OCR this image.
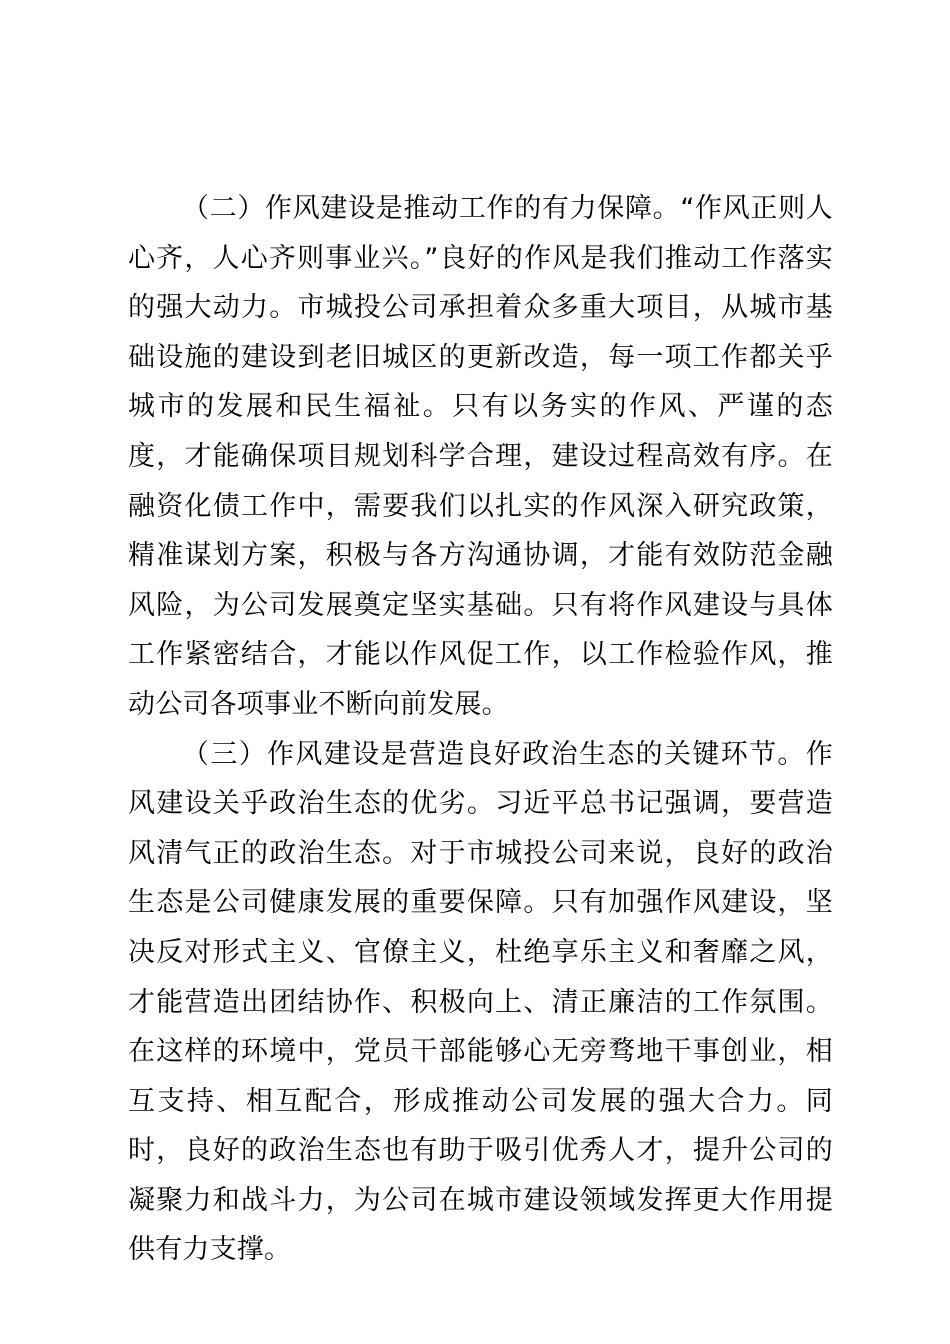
（二）作风建设是推动工作的有力保障。“作风正则人心齐，人心齐则事业兴。”良好的作风是我们推动工作落实的强大动力。市城投公司承担着众多重大项目，从城市基础设施的建设到老旧城区的更新改造，每一项工作都关乎城市的发展和民生福祉。只有以务实的作风、严谨的态度，才能确保项目规划科学合理，建设过程高效有序。在融资化债工作中，需要我们以扎实的作风深入研究政策，精准谋划方案，积极与各方沟通协调，才能有效防范金融风险，为公司发展奠定坚实基础。只有将作风建设与具体工作紧密结合，才能以作风促工作，以工作检验作风，推动公司各项事业不断向前发展。

（三）作风建设是营造良好政治生态的关键环节。作风建设关乎政治生态的优劣。习近平总书记强调，要营造风清气正的政治生态。对于市城投公司来说，良好的政治生态是公司健康发展的重要保障。只有加强作风建设，坚决反对形式主义、官僚主义，杜绝享乐主义和奢靡之风，才能营造出团结协作、积极向上、清正廉洁的工作氛围。在这样的环境中，党员干部能够心无旁骛地干事创业，相互支持、相互配合，形成推动公司发展的强大合力。同时，良好的政治生态也有助于吸引优秀人才，提升公司的凝聚力和战斗力，为公司在城市建设领域发挥更大作用提供有力支撑。
